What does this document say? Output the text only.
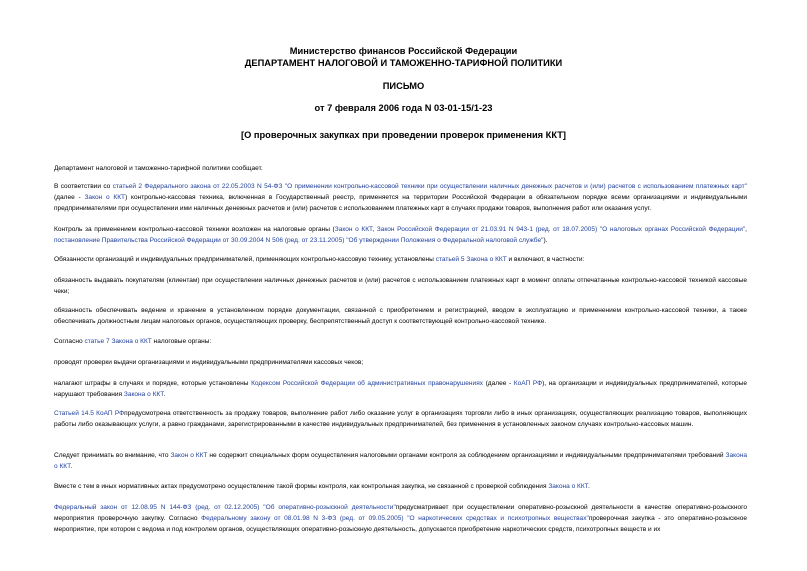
Министерство финансов Российской Федерации
ДЕПАРТАМЕНТ НАЛОГОВОЙ И ТАМОЖЕННО-ТАРИФНОЙ ПОЛИТИКИ
ПИСЬМО
от 7 февраля 2006 года N 03-01-15/1-23
[О проверочных закупках при проведении проверок применения ККТ]
Департамент налоговой и таможенно-тарифной политики сообщает.
В соответствии со статьей 2 Федерального закона от 22.05.2003 N 54-ФЗ "О применении контрольно-кассовой техники при осуществлении наличных денежных расчетов и (или) расчетов с использованием платежных карт" (далее - Закон о ККТ) контрольно-кассовая техника, включенная в Государственный реестр, применяется на территории Российской Федерации в обязательном порядке всеми организациями и индивидуальными предпринимателями при осуществлении ими наличных денежных расчетов и (или) расчетов с использованием платежных карт в случаях продажи товаров, выполнения работ или оказания услуг.
Контроль за применением контрольно-кассовой техники возложен на налоговые органы (Закон о ККТ, Закон Российской Федерации от 21.03.91 N 943-1 (ред. от 18.07.2005) "О налоговых органах Российской Федерации", постановление Правительства Российской Федерации от 30.09.2004 N 506 (ред. от 23.11.2005) "Об утверждении Положения о Федеральной налоговой службе").
Обязанности организаций и индивидуальных предпринимателей, применяющих контрольно-кассовую технику, установлены статьей 5 Закона о ККТ и включают, в частности:
обязанность выдавать покупателям (клиентам) при осуществлении наличных денежных расчетов и (или) расчетов с использованием платежных карт в момент оплаты отпечатанные контрольно-кассовой техникой кассовые чеки;
обязанность обеспечивать ведение и хранение в установленном порядке документации, связанной с приобретением и регистрацией, вводом в эксплуатацию и применением контрольно-кассовой техники, а также обеспечивать должностным лицам налоговых органов, осуществляющих проверку, беспрепятственный доступ к соответствующей контрольно-кассовой технике.
Согласно статье 7 Закона о ККТ налоговые органы:
проводят проверки выдачи организациями и индивидуальными предпринимателями кассовых чеков;
налагают штрафы в случаях и порядке, которые установлены Кодексом Российской Федерации об административных правонарушениях (далее - КоАП РФ), на организации и индивидуальных предпринимателей, которые нарушают требования Закона о ККТ.
Статьей 14.5 КоАП РФпредусмотрена ответственность за продажу товаров, выполнение работ либо оказание услуг в организациях торговли либо в иных организациях, осуществляющих реализацию товаров, выполняющих работы либо оказывающих услуги, а равно гражданами, зарегистрированными в качестве индивидуальных предпринимателей, без применения в установленных законом случаях контрольно-кассовых машин.
Следует принимать во внимание, что Закон о ККТ не содержит специальных форм осуществления налоговыми органами контроля за соблюдением организациями и индивидуальными предпринимателями требований Закона о ККТ.
Вместе с тем в иных нормативных актах предусмотрено осуществление такой формы контроля, как контрольная закупка, не связанной с проверкой соблюдения Закона о ККТ.
Федеральный закон от 12.08.95 N 144-ФЗ (ред. от 02.12.2005) "Об оперативно-розыскной деятельности"предусматривает при осуществлении оперативно-розыскной деятельности в качестве оперативно-розыскного мероприятия проверочную закупку. Согласно Федеральному закону от 08.01.98 N 3-ФЗ (ред. от 09.05.2005) "О наркотических средствах и психотропных веществах"проверочная закупка - это оперативно-розыскное мероприятие, при котором с ведома и под контролем органов, осуществляющих оперативно-розыскную деятельность, допускается приобретение наркотических средств, психотропных веществ и их
